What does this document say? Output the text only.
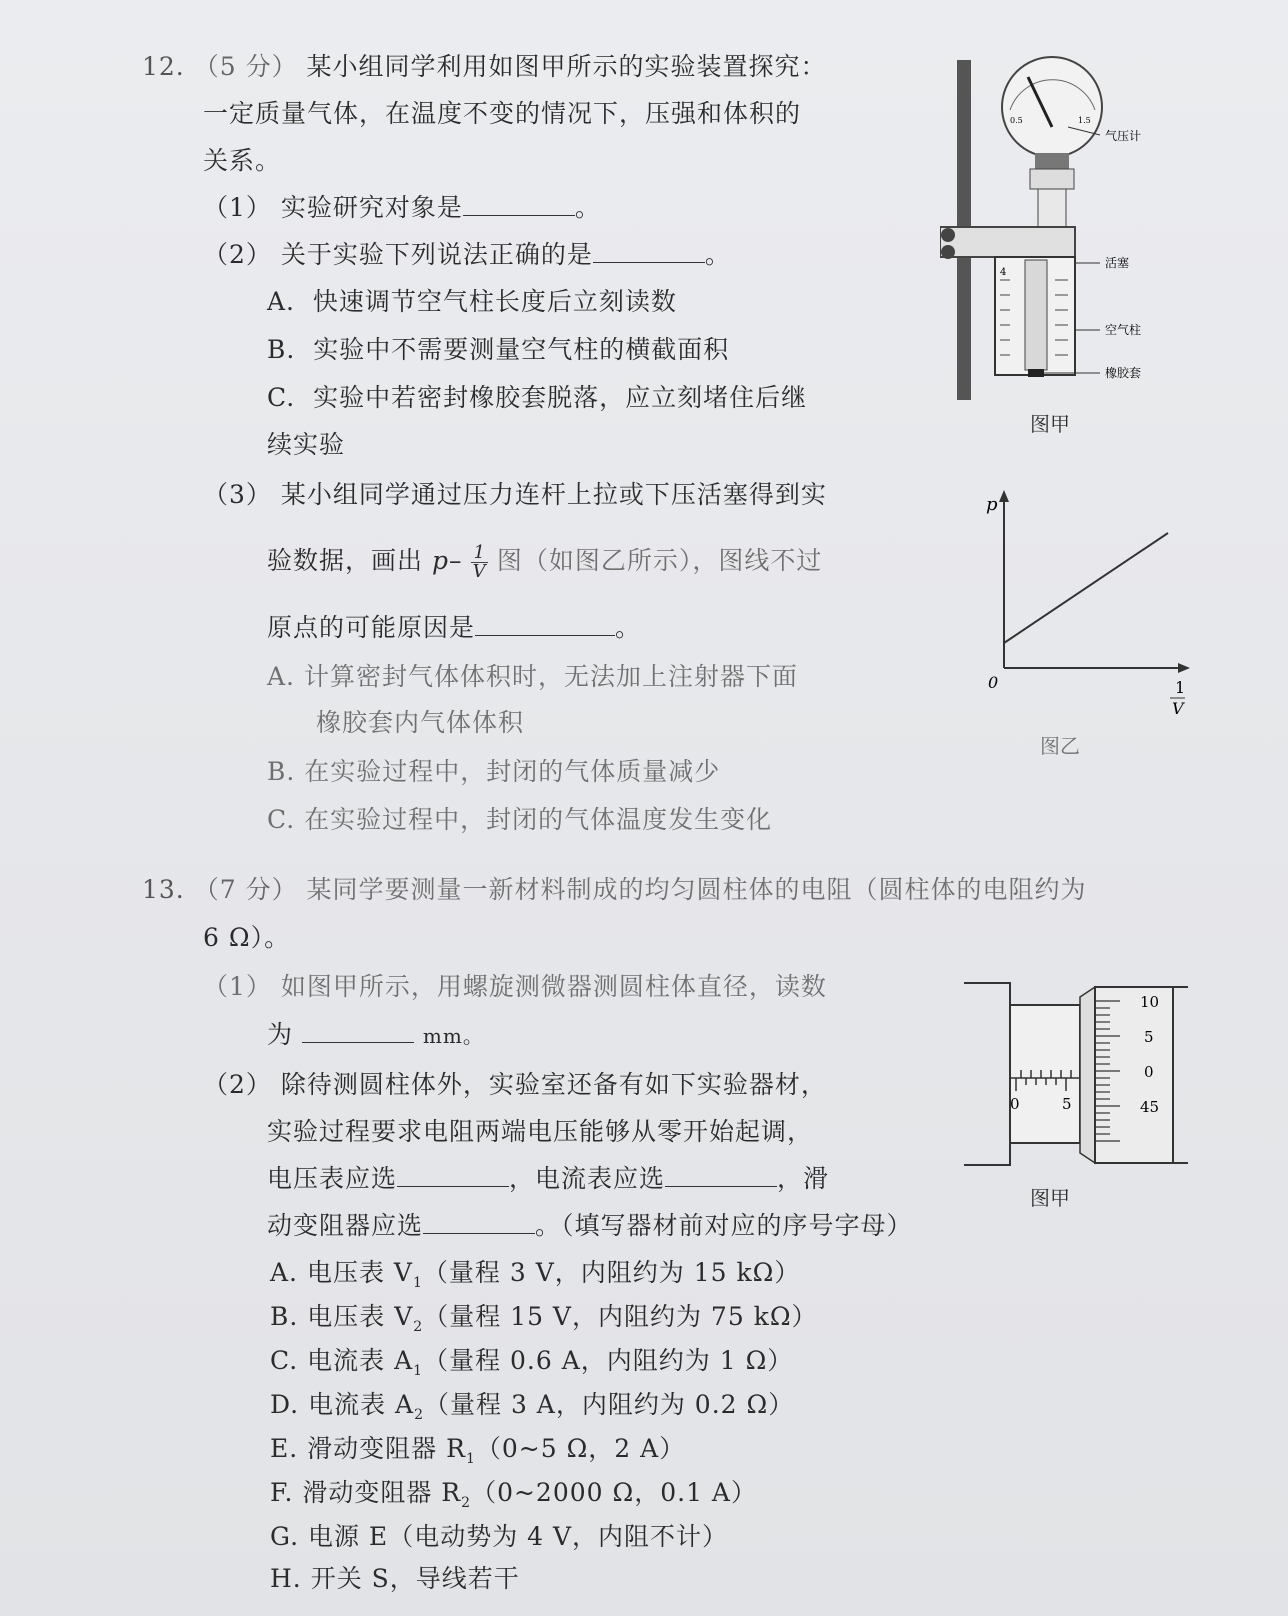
12. （5 分） 某小组同学利用如图甲所示的实验装置探究：
一定质量气体，在温度不变的情况下，压强和体积的
关系。
（1） 实验研究对象是	。
（2） 关于实验下列说法正确的是	。
A. 快速调节空气柱长度后立刻读数
B. 实验中不需要测量空气柱的横截面积
C. 实验中若密封橡胶套脱落，应立刻堵住后继
续实验
（3） 某小组同学通过压力连杆上拉或下压活塞得到实
验数据，画出 $p- \frac{1}{V}$ 图（如图乙所示），图线不过
原点的可能原因是	。
A. 计算密封气体体积时，无法加上注射器下面
橡胶套内气体体积
B. 在实验过程中，封闭的气体质量减少
C. 在实验过程中，封闭的气体温度发生变化
0.5	1.5
气压计
4
活塞
空气柱
橡胶套
图甲
p
0	1
V
图乙
13. （7 分） 某同学要测量一新材料制成的均匀圆柱体的电阻（圆柱体的电阻约为
6 Ω）。
（1） 如图甲所示，用螺旋测微器测圆柱体直径，读数
为	mm。
（2） 除待测圆柱体外，实验室还备有如下实验器材，
实验过程要求电阻两端电压能够从零开始起调，
电压表应选	，电流表应选	，滑
动变阻器应选	。（填写器材前对应的序号字母）
A. 电压表 $V_1$（量程 3 V，内阻约为 15 kΩ）
B. 电压表 $V_2$（量程 15 V，内阻约为 75 kΩ）
C. 电流表 $A_1$（量程 0.6 A，内阻约为 1 Ω）
D. 电流表 $A_2$（量程 3 A，内阻约为 0.2 Ω）
E. 滑动变阻器 $R_1(0\sim 5$ Ω，2 A）
F. 滑动变阻器 $R_2(0\sim 2000$ Ω，0.1 A）
G. 电源 E（电动势为 4 V，内阻不计）
H. 开关 S，导线若干
0	5
10
5
0
45
图甲
